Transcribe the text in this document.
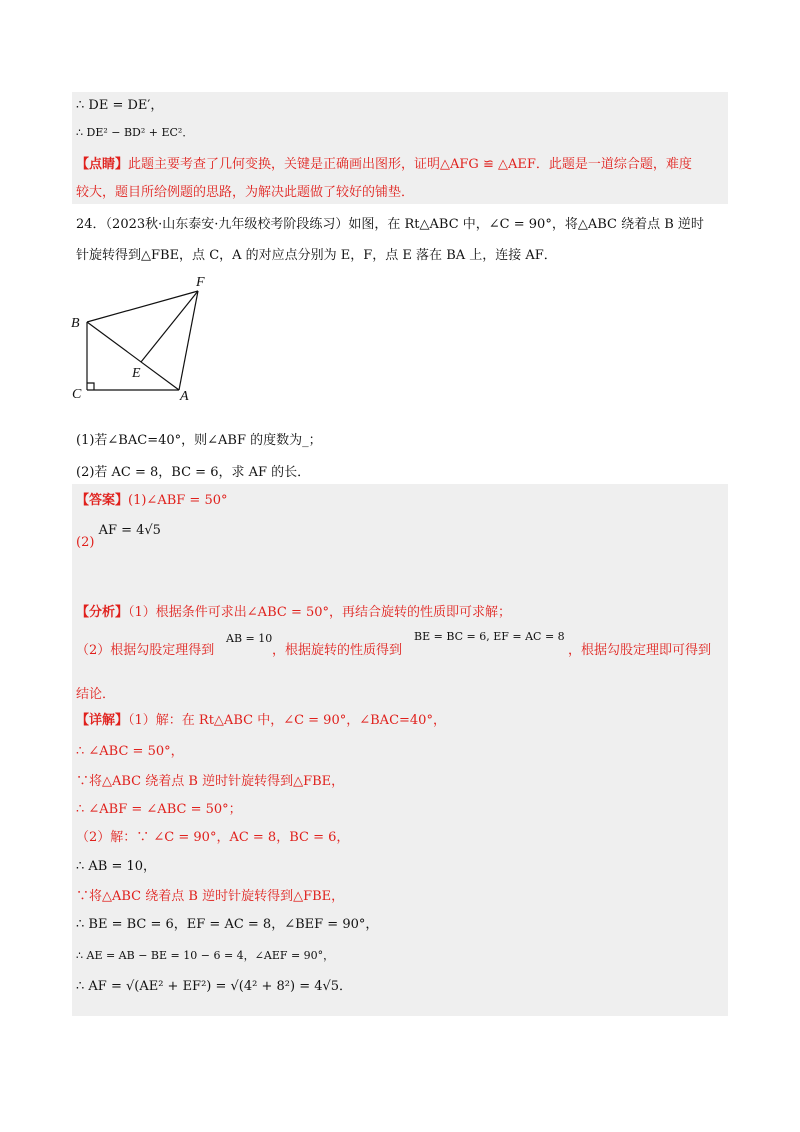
∴ DE = DE′，
∴ DE² − BD² + EC²．
【点睛】此题主要考查了几何变换，关键是正确画出图形，证明△AFG ≌ △AEF．此题是一道综合题，难度
较大，题目所给例题的思路，为解决此题做了较好的铺垫．
24．（2023秋·山东泰安·九年级校考阶段练习）如图，在 Rt△ABC 中，∠C = 90°，将△ABC 绕着点 B 逆时
针旋转得到△FBE，点 C，A 的对应点分别为 E，F，点 E 落在 BA 上，连接 AF．
B
C	A
F
E
(1)若∠BAC=40°，则∠ABF 的度数为_；
(2)若 AC = 8，BC = 6，求 AF 的长．
【答案】(1)∠ABF = 50°
(2) AF = 4√5
【分析】（1）根据条件可求出∠ABC = 50°，再结合旋转的性质即可求解；
（2）根据勾股定理得到
AB = 10
，根据旋转的性质得到
BE = BC = 6, EF = AC = 8
，根据勾股定理即可得到
结论．
【详解】（1）解：在 Rt△ABC 中，∠C = 90°，∠BAC=40°，
∴ ∠ABC = 50°，
∵将△ABC 绕着点 B 逆时针旋转得到△FBE，
∴ ∠ABF = ∠ABC = 50°；
（2）解：∵ ∠C = 90°，AC = 8，BC = 6，
∴ AB = 10，
∵将△ABC 绕着点 B 逆时针旋转得到△FBE，
∴ BE = BC = 6，EF = AC = 8，∠BEF = 90°，
∴ AE = AB − BE = 10 − 6 = 4，∠AEF = 90°，
∴ AF = √(AE² + EF²) = √(4² + 8²) = 4√5．
